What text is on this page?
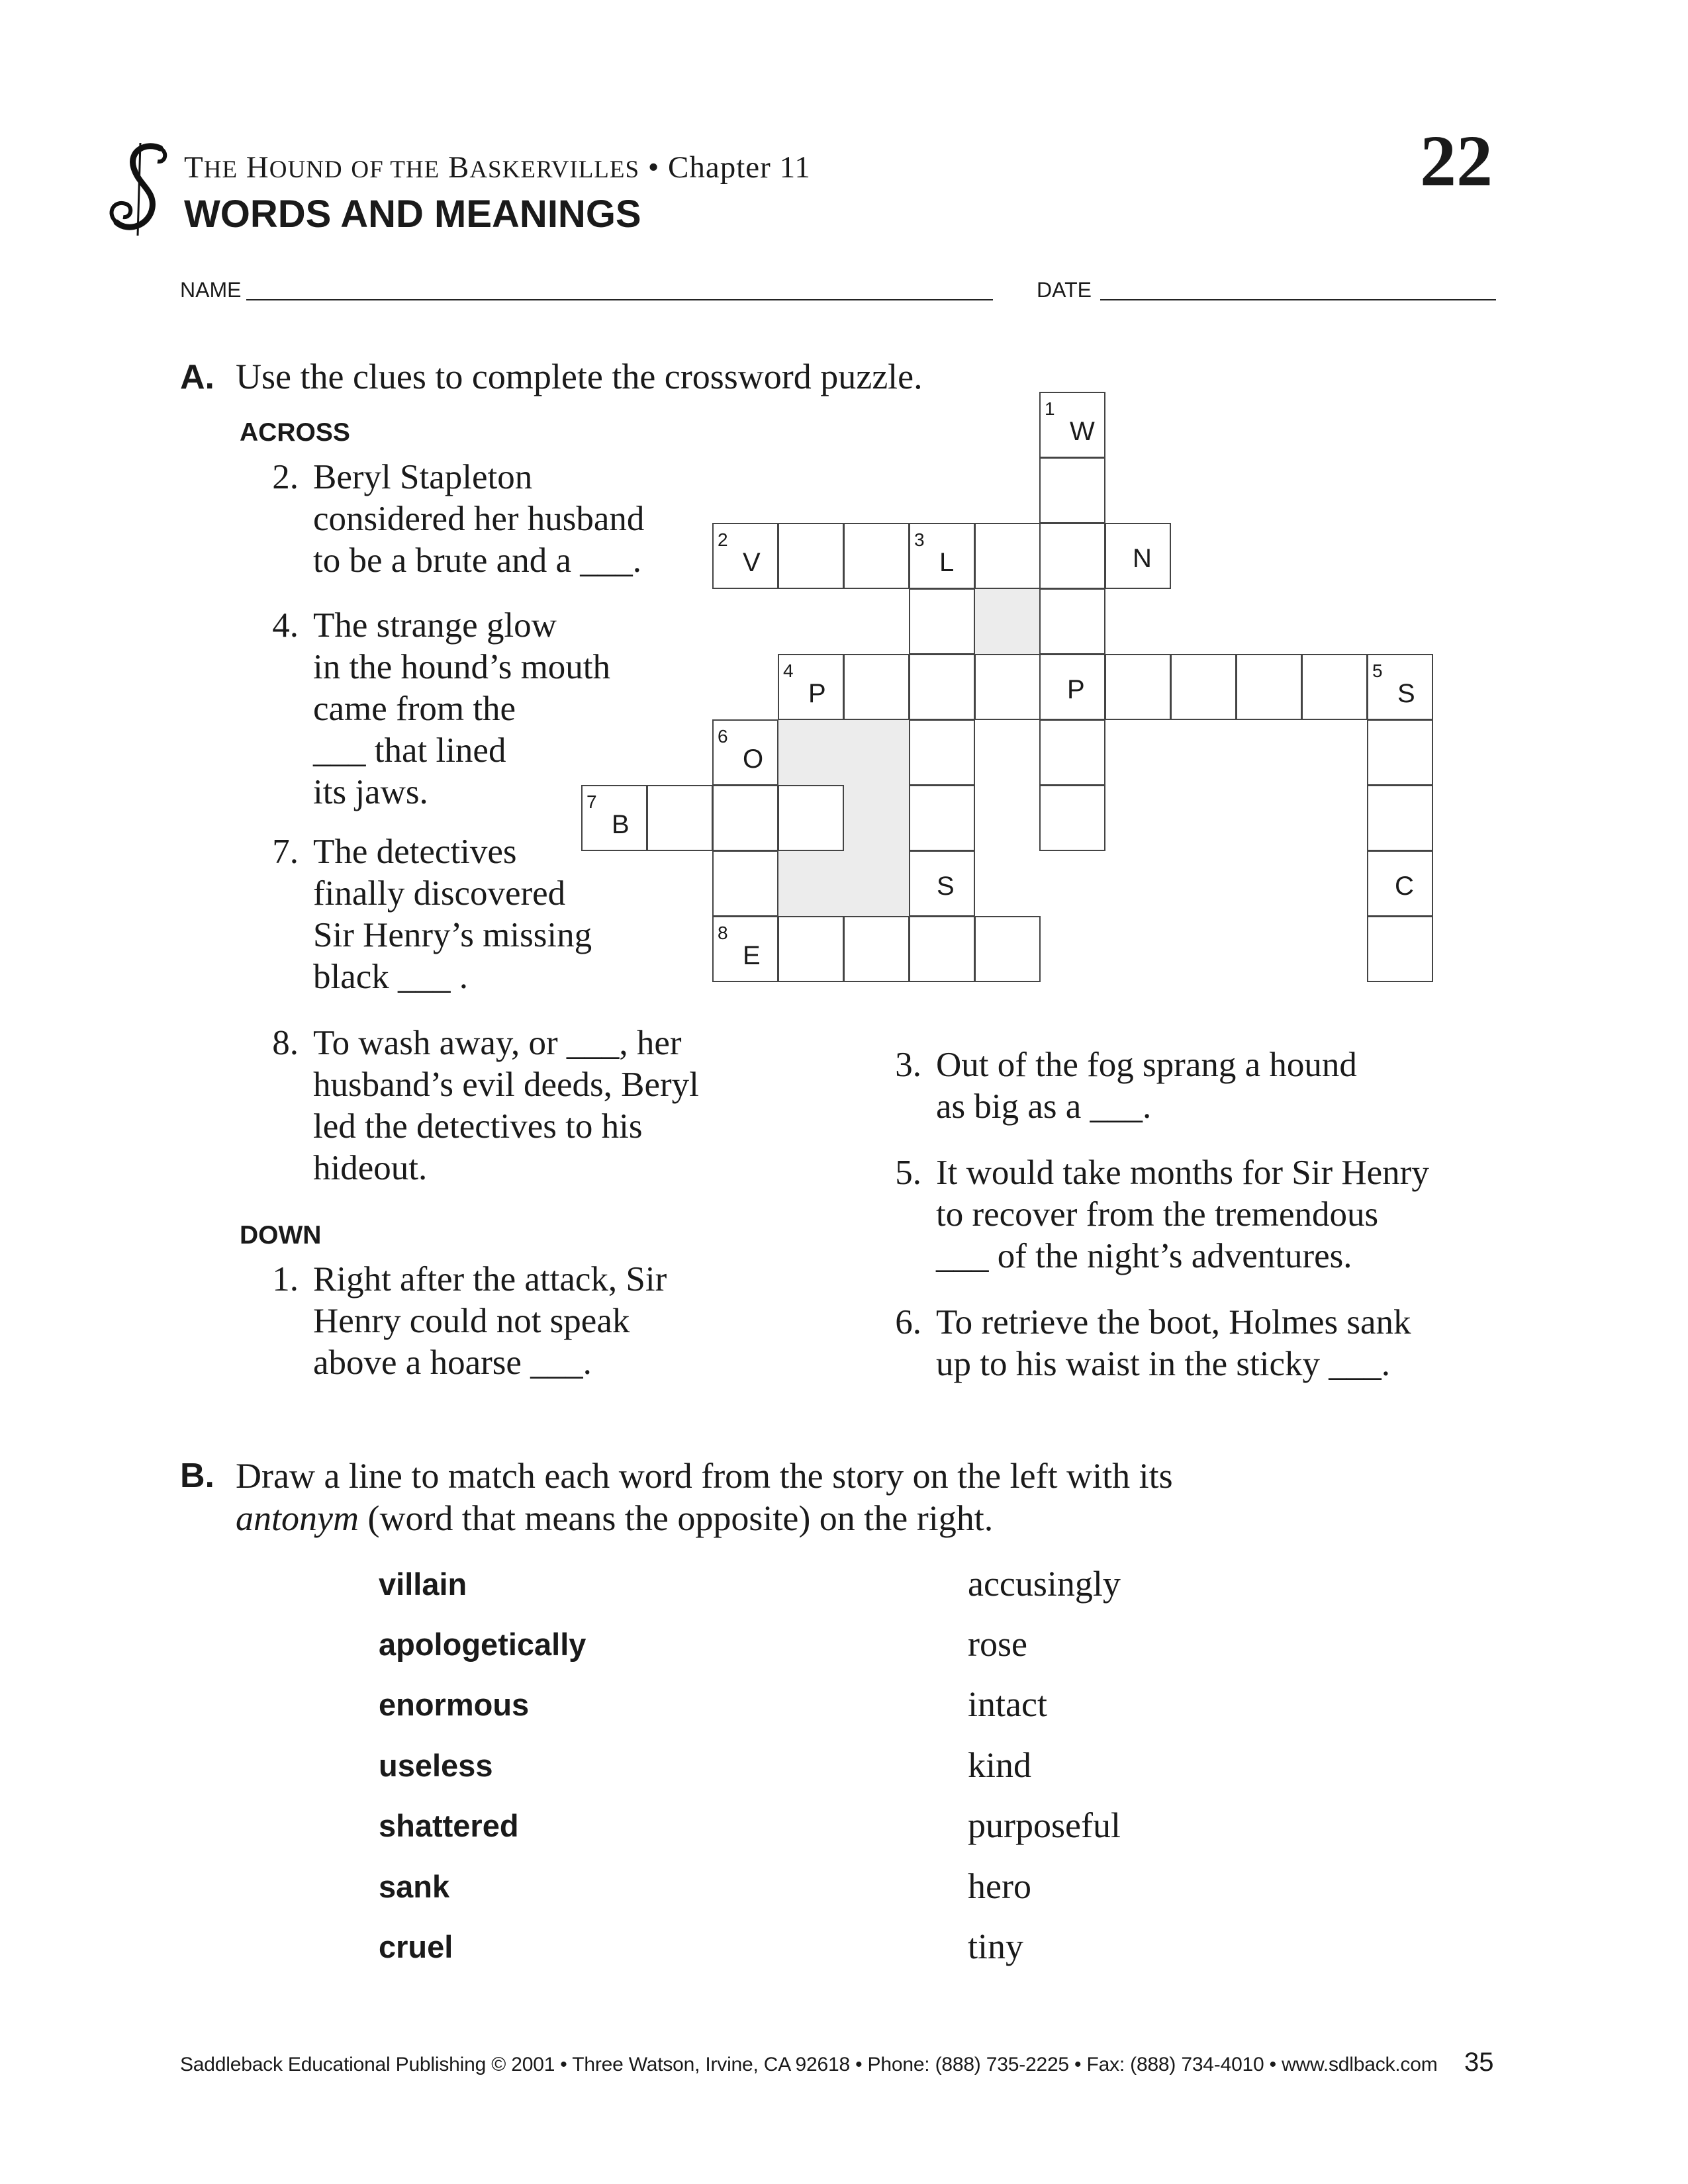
THE HOUND OF THE BASKERVILLES • Chapter 11
WORDS AND MEANINGS
22
NAME	DATE
A. Use the clues to complete the crossword puzzle.
ACROSS
2. Beryl Stapleton
considered her husband
to be a brute and a ___.
4. The strange glow
in the hound’s mouth
came from the
___ that lined
its jaws.
7. The detectives
finally discovered
Sir Henry’s missing
black ___ .
8. To wash away, or ___, her
husband’s evil deeds, Beryl
led the detectives to his
hideout.
DOWN
1. Right after the attack, Sir
Henry could not speak
above a hoarse ___.
3. Out of the fog sprang a hound
as big as a ___.
5. It would take months for Sir Henry
to recover from the tremendous
___ of the night’s adventures.
6. To retrieve the boot, Holmes sank
up to his waist in the sticky ___.
1
W
P
2
V
3
L	N
S
4
P
5
S
C
6
O
7
B
8
E
B. Draw a line to match each word from the story on the left with its
antonym (word that means the opposite) on the right.
villain
apologetically
enormous
useless
shattered
sank
cruel
accusingly
rose
intact
kind
purposeful
hero
tiny
Saddleback Educational Publishing © 2001 • Three Watson, Irvine, CA 92618 • Phone: (888) 735-2225 • Fax: (888) 734-4010 • www.sdlback.com 35
